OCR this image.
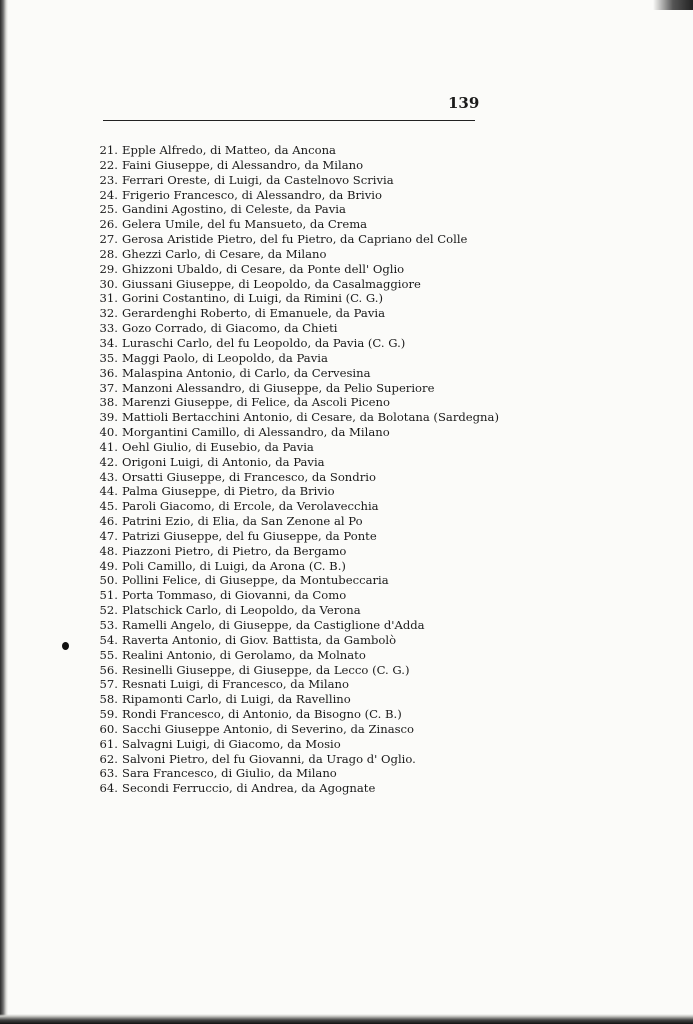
139
21. Epple Alfredo, di Matteo, da Ancona
22. Faini Giuseppe, di Alessandro, da Milano
23. Ferrari Oreste, di Luigi, da Castelnovo Scrivia
24. Frigerio Francesco, di Alessandro, da Brivio
25. Gandini Agostino, di Celeste, da Pavia
26. Gelera Umile, del fu Mansueto, da Crema
27. Gerosa Aristide Pietro, del fu Pietro, da Capriano del Colle
28. Ghezzi Carlo, di Cesare, da Milano
29. Ghizzoni Ubaldo, di Cesare, da Ponte dell' Oglio
30. Giussani Giuseppe, di Leopoldo, da Casalmaggiore
31. Gorini Costantino, di Luigi, da Rimini (C. G.)
32. Gerardenghi Roberto, di Emanuele, da Pavia
33. Gozo Corrado, di Giacomo, da Chieti
34. Luraschi Carlo, del fu Leopoldo, da Pavia (C. G.)
35. Maggi Paolo, di Leopoldo, da Pavia
36. Malaspina Antonio, di Carlo, da Cervesina
37. Manzoni Alessandro, di Giuseppe, da Pelio Superiore
38. Marenzi Giuseppe, di Felice, da Ascoli Piceno
39. Mattioli Bertacchini Antonio, di Cesare, da Bolotana (Sardegna)
40. Morgantini Camillo, di Alessandro, da Milano
41. Oehl Giulio, di Eusebio, da Pavia
42. Origoni Luigi, di Antonio, da Pavia
43. Orsatti Giuseppe, di Francesco, da Sondrio
44. Palma Giuseppe, di Pietro, da Brivio
45. Paroli Giacomo, di Ercole, da Verolavecchia
46. Patrini Ezio, di Elia, da San Zenone al Po
47. Patrizi Giuseppe, del fu Giuseppe, da Ponte
48. Piazzoni Pietro, di Pietro, da Bergamo
49. Poli Camillo, di Luigi, da Arona (C. B.)
50. Pollini Felice, di Giuseppe, da Montubeccaria
51. Porta Tommaso, di Giovanni, da Como
52. Platschick Carlo, di Leopoldo, da Verona
53. Ramelli Angelo, di Giuseppe, da Castiglione d'Adda
54. Raverta Antonio, di Giov. Battista, da Gambolò
55. Realini Antonio, di Gerolamo, da Molnato
56. Resinelli Giuseppe, di Giuseppe, da Lecco (C. G.)
57. Resnati Luigi, di Francesco, da Milano
58. Ripamonti Carlo, di Luigi, da Ravellino
59. Rondi Francesco, di Antonio, da Bisogno (C. B.)
60. Sacchi Giuseppe Antonio, di Severino, da Zinasco
61. Salvagni Luigi, di Giacomo, da Mosio
62. Salvoni Pietro, del fu Giovanni, da Urago d' Oglio.
63. Sara Francesco, di Giulio, da Milano
64. Secondi Ferruccio, di Andrea, da Agognate
